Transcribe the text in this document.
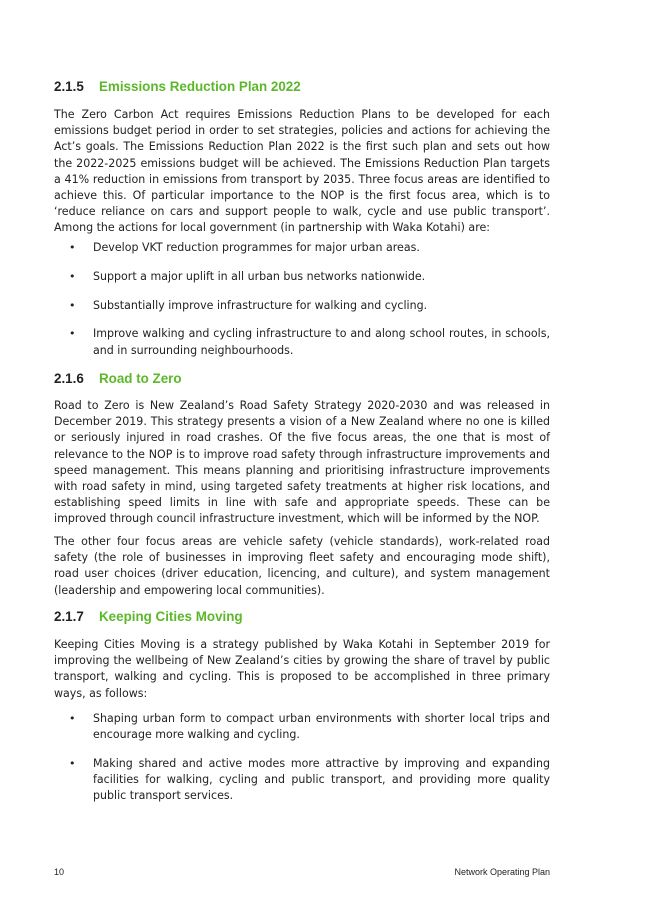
2.1.5	Emissions Reduction Plan 2022

The Zero Carbon Act requires Emissions Reduction Plans to be developed for each emissions budget period in order to set strategies, policies and actions for achieving the Act’s goals. The Emissions Reduction Plan 2022 is the first such plan and sets out how the 2022-2025 emissions budget will be achieved. The Emissions Reduction Plan targets a 41% reduction in emissions from transport by 2035. Three focus areas are identified to achieve this. Of particular importance to the NOP is the first focus area, which is to ‘reduce reliance on cars and support people to walk, cycle and use public transport’. Among the actions for local government (in partnership with Waka Kotahi) are:

• Develop VKT reduction programmes for major urban areas.
• Support a major uplift in all urban bus networks nationwide.
• Substantially improve infrastructure for walking and cycling.
• Improve walking and cycling infrastructure to and along school routes, in schools, and in surrounding neighbourhoods.
2.1.6	Road to Zero

Road to Zero is New Zealand’s Road Safety Strategy 2020-2030 and was released in December 2019. This strategy presents a vision of a New Zealand where no one is killed or seriously injured in road crashes. Of the five focus areas, the one that is most of relevance to the NOP is to improve road safety through infrastructure improvements and speed management. This means planning and prioritising infrastructure improvements with road safety in mind, using targeted safety treatments at higher risk locations, and establishing speed limits in line with safe and appropriate speeds. These can be improved through council infrastructure investment, which will be informed by the NOP.

The other four focus areas are vehicle safety (vehicle standards), work-related road safety (the role of businesses in improving fleet safety and encouraging mode shift), road user choices (driver education, licencing, and culture), and system management (leadership and empowering local communities).

2.1.7	Keeping Cities Moving

Keeping Cities Moving is a strategy published by Waka Kotahi in September 2019 for improving the wellbeing of New Zealand’s cities by growing the share of travel by public transport, walking and cycling. This is proposed to be accomplished in three primary ways, as follows:

• Shaping urban form to compact urban environments with shorter local trips and encourage more walking and cycling.
• Making shared and active modes more attractive by improving and expanding facilities for walking, cycling and public transport, and providing more quality public transport services.
10	Network Operating Plan
